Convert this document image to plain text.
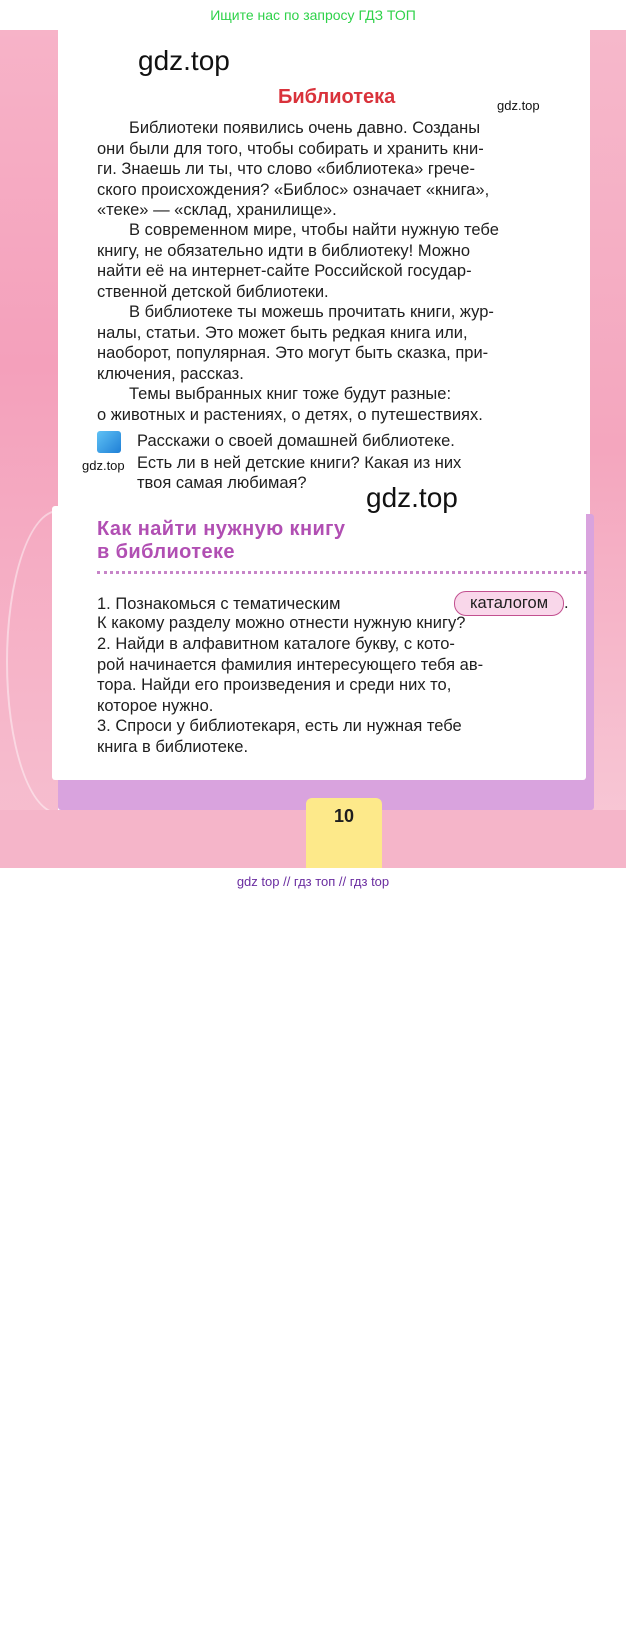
Ищите нас по запросу ГДЗ ТОП
gdz.top
gdz.top
Библиотека

Библиотеки появились очень давно. Созданы
они были для того, чтобы собирать и хранить кни-
ги. Знаешь ли ты, что слово «библиотека» грече-
ского происхождения? «Библос» означает «книга»,
«теке» — «склад, хранилище».

В современном мире, чтобы найти нужную тебе
книгу, не обязательно идти в библиотеку! Можно
найти её на интернет-сайте Российской государ-
ственной детской библиотеки.

В библиотеке ты можешь прочитать книги, жур-
налы, статьи. Это может быть редкая книга или,
наоборот, популярная. Это могут быть сказка, при-
ключения, рассказ.

Темы выбранных книг тоже будут разные:
о животных и растениях, о детях, о путешествиях.

Расскажи о своей домашней библиотеке.
Есть ли в ней детские книги? Какая из них
твоя самая любимая?
gdz.top
gdz.top
Как найти нужную книгу
в библиотеке
1. Познакомься с тематическим	каталогом .

К какому разделу можно отнести нужную книгу?

2. Найди в алфавитном каталоге букву, с кото-
рой начинается фамилия интересующего тебя ав-
тора. Найди его произведения и среди них то,
которое нужно.

3. Спроси у библиотекаря, есть ли нужная тебе
книга в библиотеке.

10
gdz top // гдз топ // гдз top
